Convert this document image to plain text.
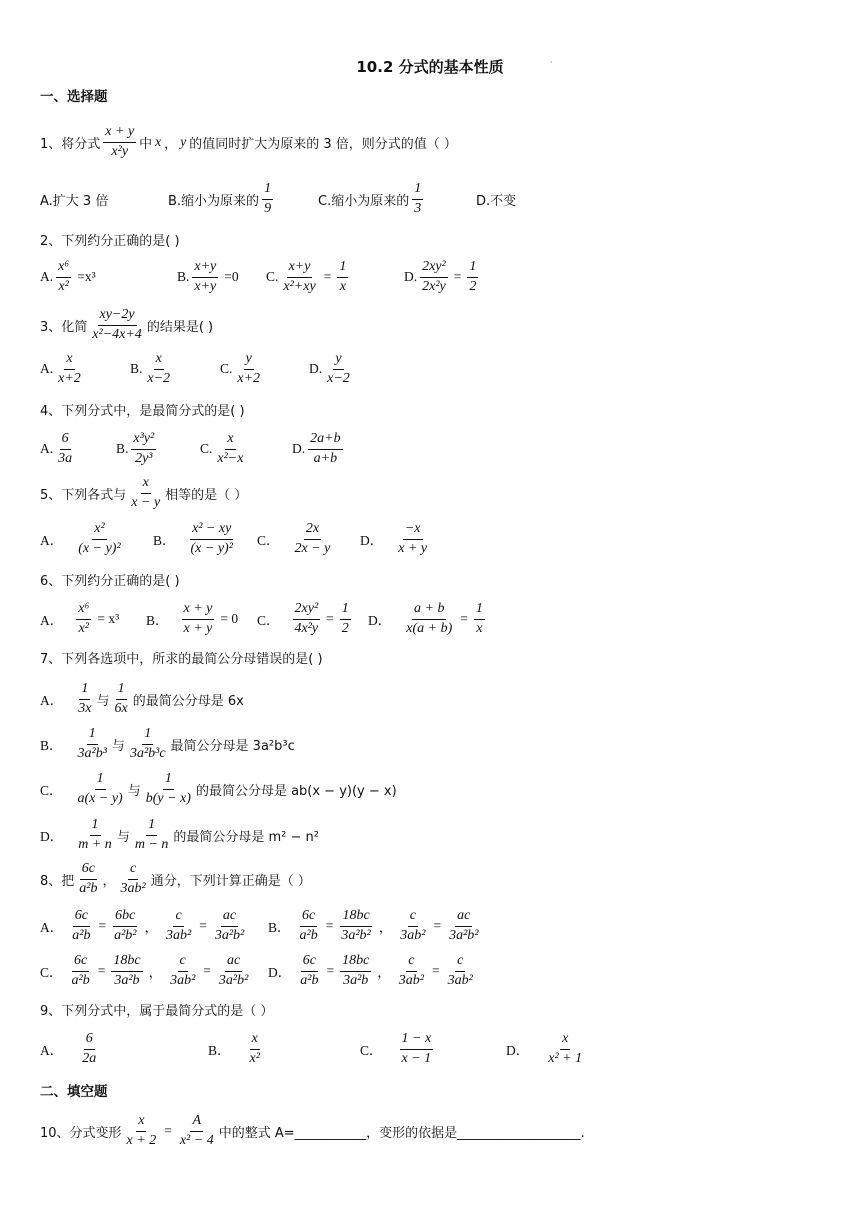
10.2 分式的基本性质	·
一、选择题
1、将分式 $\frac{x + y}{\text{x²y}}$ 中 x ， y 的值同时扩大为原来的 3 倍，则分式的值（ ）
A.扩大 3 倍	B.缩小为原来的 $\frac{1}{9}$	C.缩小为原来的 $\frac{1}{3}$	D.不变
2、下列约分正确的是( )
A. $\frac{\text{x⁶}}{\text{x²}} =x^3$	B. $\frac{x+y}{x+y} =0$ C. $\frac{x+y}{\text{x²+xy}} = \frac{1}{x}$	D. $\frac{\text{2xy²}}{\text{2x²y}} = \frac{1}{2}$
3、化简 $\frac{xy-2y}{\text{x²−4x+4}}$ 的结果是( )
A. $\frac{x}{x+2}$	B. $\frac{x}{x-2}$	C. $\frac{y}{x+2}$	D. $\frac{y}{x-2}$
4、下列分式中，是最简分式的是( )
A. $\frac{6}{3a}$	B. $\frac{\text{x³y²}}{\text{2y³}}$	C. $\frac{x}{\text{x²−x}}$	D. $\frac{2a+b}{a+b}$
5、下列各式与 $\frac{x}{x - y}$ 相等的是（ ）
A． $\frac{\text{x²}}{\text{(x − y)²}}$ B． $\frac{\text{x² − xy}}{\text{(x − y)²}}$ C． $\frac{2x}{2x - y}$ D． $\frac{-x}{x + y}$
6、下列约分正确的是( )
A． $\frac{\text{x⁶}}{\text{x²}} = x^3$ B． $\frac{x + y}{x + y} = 0$ C． $\frac{\text{2xy²}}{\text{4x²y}} = \frac{1}{2}$ D． $\frac{a + b}{x(a + b)} = \frac{1}{x}$
7、下列各选项中，所求的最简公分母错误的是( )
A． $\frac{1}{3x}$ 与 $\frac{1}{6x}$ 的最简公分母是 6x
B． $\frac{1}{\text{3a²b³}}$ 与 $\frac{1}{\text{3a²b³c}}$ 最简公分母是 3a²b³c
C． $\frac{1}{a(x - y)}$ 与 $\frac{1}{b(y - x)}$ 的最简公分母是 ab(x − y)(y − x)
D． $\frac{1}{m + n}$ 与 $\frac{1}{m - n}$ 的最简公分母是 m² − n²
8、把 $\frac{6c}{\text{a²b}}$ ， $\frac{c}{\text{3ab²}}$ 通分，下列计算正确是（ ）
A． $\frac{6c}{\text{a²b}} = \frac{6bc}{\text{a²b²}}$ ， $\frac{c}{\text{3ab²}} = \frac{ac}{\text{3a²b²}}$ B． $\frac{6c}{\text{a²b}} = \frac{18bc}{\text{3a²b²}}$ ， $\frac{c}{\text{3ab²}} = \frac{ac}{\text{3a²b²}}$
C． $\frac{6c}{\text{a²b}} = \frac{18bc}{\text{3a²b}}$ ， $\frac{c}{\text{3ab²}} = \frac{ac}{\text{3a²b²}}$ D． $\frac{6c}{\text{a²b}} = \frac{18bc}{\text{3a²b}}$ ， $\frac{c}{\text{3ab²}} = \frac{c}{\text{3ab²}}$
9、下列分式中，属于最简分式的是（ ）
A． $\frac{6}{2a}$	B． $\frac{x}{\text{x²}}$	C． $\frac{1 - x}{x - 1}$	D． $\frac{x}{\text{x² + 1}}$
二、填空题
10、分式变形 $\frac{x}{x + 2} = \frac{A}{\text{x² − 4}}$ 中的整式 A=___________，变形的依据是___________________.
